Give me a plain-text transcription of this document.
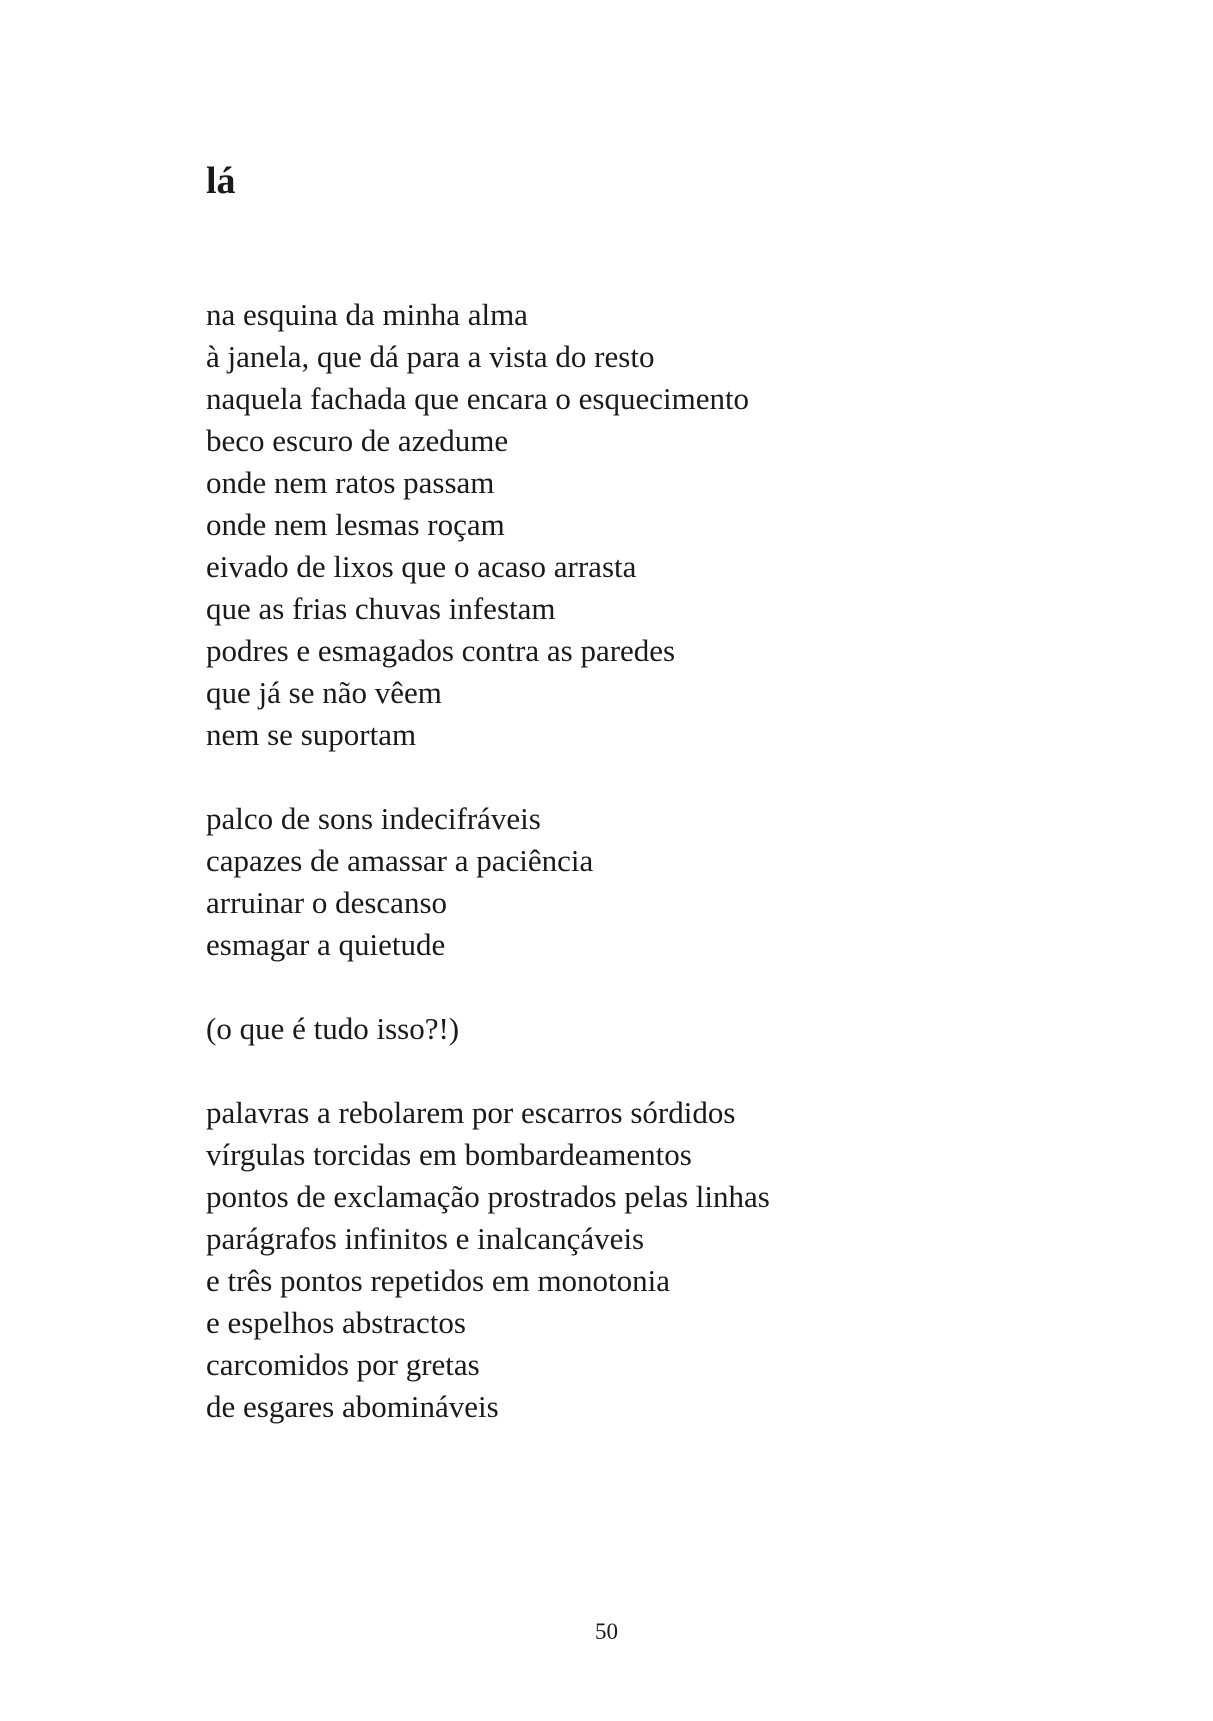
lá
na esquina da minha alma
à janela, que dá para a vista do resto
naquela fachada que encara o esquecimento
beco escuro de azedume
onde nem ratos passam
onde nem lesmas roçam
eivado de lixos que o acaso arrasta
que as frias chuvas infestam
podres e esmagados contra as paredes
que já se não vêem
nem se suportam
palco de sons indecifráveis
capazes de amassar a paciência
arruinar o descanso
esmagar a quietude
(o que é tudo isso?!)
palavras a rebolarem por escarros sórdidos
vírgulas torcidas em bombardeamentos
pontos de exclamação prostrados pelas linhas
parágrafos infinitos e inalcançáveis
e três pontos repetidos em monotonia
e espelhos abstractos
carcomidos por gretas
de esgares abomináveis
50
